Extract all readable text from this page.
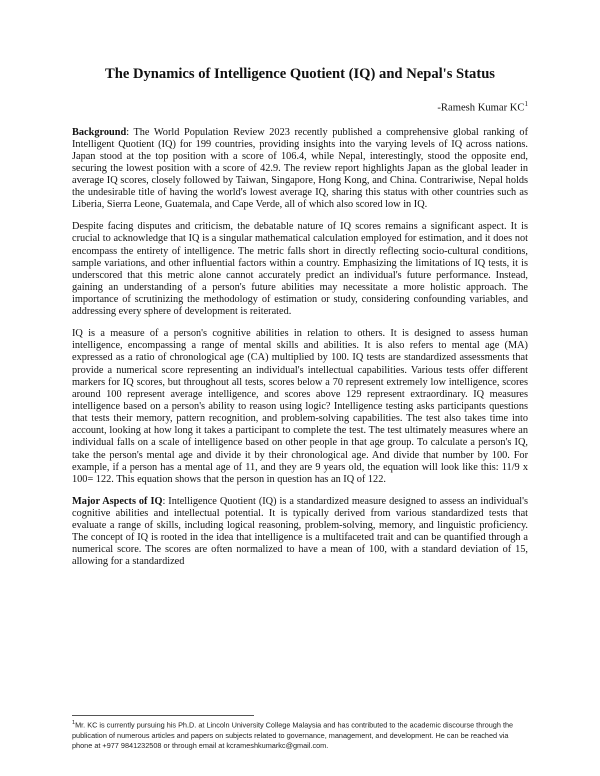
The Dynamics of Intelligence Quotient (IQ) and Nepal's Status
-Ramesh Kumar $KC^1$

Background: The World Population Review 2023 recently published a comprehensive global ranking of Intelligent Quotient (IQ) for 199 countries, providing insights into the varying levels of IQ across nations. Japan stood at the top position with a score of 106.4, while Nepal, interestingly, stood the opposite end, securing the lowest position with a score of 42.9. The review report highlights Japan as the global leader in average IQ scores, closely followed by Taiwan, Singapore, Hong Kong, and China. Contrariwise, Nepal holds the undesirable title of having the world's lowest average IQ, sharing this status with other countries such as Liberia, Sierra Leone, Guatemala, and Cape Verde, all of which also scored low in IQ.

Despite facing disputes and criticism, the debatable nature of IQ scores remains a significant aspect. It is crucial to acknowledge that IQ is a singular mathematical calculation employed for estimation, and it does not encompass the entirety of intelligence. The metric falls short in directly reflecting socio-cultural conditions, sample variations, and other influential factors within a country. Emphasizing the limitations of IQ tests, it is underscored that this metric alone cannot accurately predict an individual's future performance. Instead, gaining an understanding of a person's future abilities may necessitate a more holistic approach. The importance of scrutinizing the methodology of estimation or study, considering confounding variables, and addressing every sphere of development is reiterated.

IQ is a measure of a person's cognitive abilities in relation to others. It is designed to assess human intelligence, encompassing a range of mental skills and abilities. It is also refers to mental age (MA) expressed as a ratio of chronological age (CA) multiplied by 100. IQ tests are standardized assessments that provide a numerical score representing an individual's intellectual capabilities. Various tests offer different markers for IQ scores, but throughout all tests, scores below a 70 represent extremely low intelligence, scores around 100 represent average intelligence, and scores above 129 represent extraordinary. IQ measures intelligence based on a person's ability to reason using logic? Intelligence testing asks participants questions that tests their memory, pattern recognition, and problem-solving capabilities. The test also takes time into account, looking at how long it takes a participant to complete the test. The test ultimately measures where an individual falls on a scale of intelligence based on other people in that age group. To calculate a person's IQ, take the person's mental age and divide it by their chronological age. And divide that number by 100. For example, if a person has a mental age of 11, and they are 9 years old, the equation will look like this: 11/9 x 100= 122. This equation shows that the person in question has an IQ of 122.

Major Aspects of IQ: Intelligence Quotient (IQ) is a standardized measure designed to assess an individual's cognitive abilities and intellectual potential. It is typically derived from various standardized tests that evaluate a range of skills, including logical reasoning, problem-solving, memory, and linguistic proficiency. The concept of IQ is rooted in the idea that intelligence is a multifaceted trait and can be quantified through a numerical score. The scores are often normalized to have a mean of 100, with a standard deviation of 15, allowing for a standardized

$^1$Mr. KC is currently pursuing his Ph.D. at Lincoln University College Malaysia and has contributed to the academic discourse through the publication of numerous articles and papers on subjects related to governance, management, and development. He can be reached via phone at +977 9841232508 or through email at kcrameshkumarkc@gmail.com.
